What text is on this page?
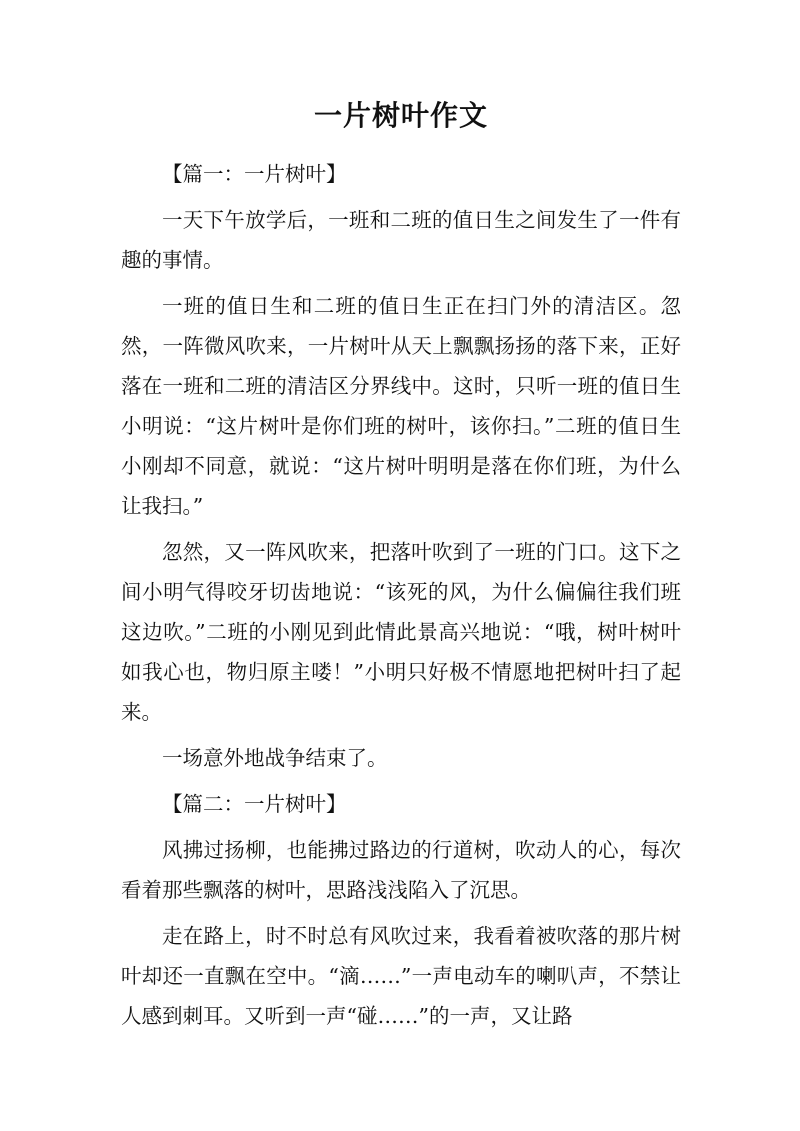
一片树叶作文

【篇一：一片树叶】

一天下午放学后，一班和二班的值日生之间发生了一件有趣的事情。

一班的值日生和二班的值日生正在扫门外的清洁区。忽然，一阵微风吹来，一片树叶从天上飘飘扬扬的落下来，正好落在一班和二班的清洁区分界线中。这时，只听一班的值日生小明说：“这片树叶是你们班的树叶，该你扫。”二班的值日生小刚却不同意，就说：“这片树叶明明是落在你们班，为什么让我扫。”

忽然，又一阵风吹来，把落叶吹到了一班的门口。这下之间小明气得咬牙切齿地说：“该死的风，为什么偏偏往我们班这边吹。”二班的小刚见到此情此景高兴地说：“哦，树叶树叶如我心也，物归原主喽！”小明只好极不情愿地把树叶扫了起来。

一场意外地战争结束了。

【篇二：一片树叶】

风拂过扬柳，也能拂过路边的行道树，吹动人的心，每次看着那些飘落的树叶，思路浅浅陷入了沉思。

走在路上，时不时总有风吹过来，我看着被吹落的那片树叶却还一直飘在空中。“滴……”一声电动车的喇叭声，不禁让人感到刺耳。又听到一声“碰……”的一声，又让路
